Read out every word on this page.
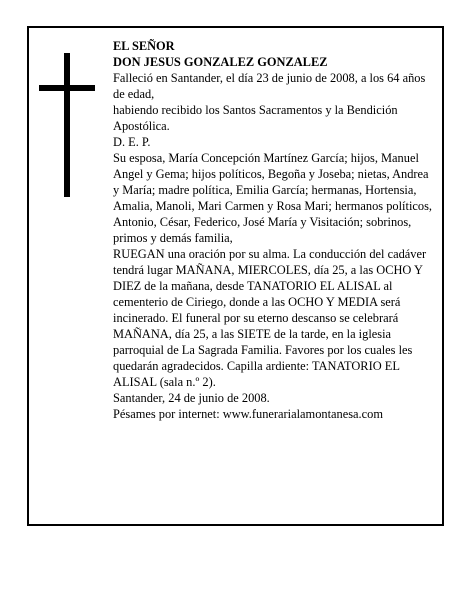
EL SEÑOR

DON JESUS GONZALEZ GONZALEZ

Falleció en Santander, el día 23 de junio de 2008, a los 64 años de edad,

habiendo recibido los Santos Sacramentos y la Bendición Apostólica.

D. E. P.

Su esposa, María Concepción Martínez García; hijos, Manuel Angel y Gema; hijos políticos, Begoña y Joseba; nietas, Andrea y María; madre política, Emilia García; hermanas, Hortensia, Amalia, Manoli, Mari Carmen y Rosa Mari; hermanos políticos, Antonio, César, Federico, José María y Visitación; sobrinos, primos y demás familia,

RUEGAN una oración por su alma. La conducción del cadáver tendrá lugar MAÑANA, MIERCOLES, día 25, a las OCHO Y DIEZ de la mañana, desde TANATORIO EL ALISAL al cementerio de Ciriego, donde a las OCHO Y MEDIA será incinerado. El funeral por su eterno descanso se celebrará MAÑANA, día 25, a las SIETE de la tarde, en la iglesia parroquial de La Sagrada Familia. Favores por los cuales les quedarán agradecidos. Capilla ardiente: TANATORIO EL ALISAL (sala n.º 2).

Santander, 24 de junio de 2008.

Pésames por internet: www.funerarialamontanesa.com
